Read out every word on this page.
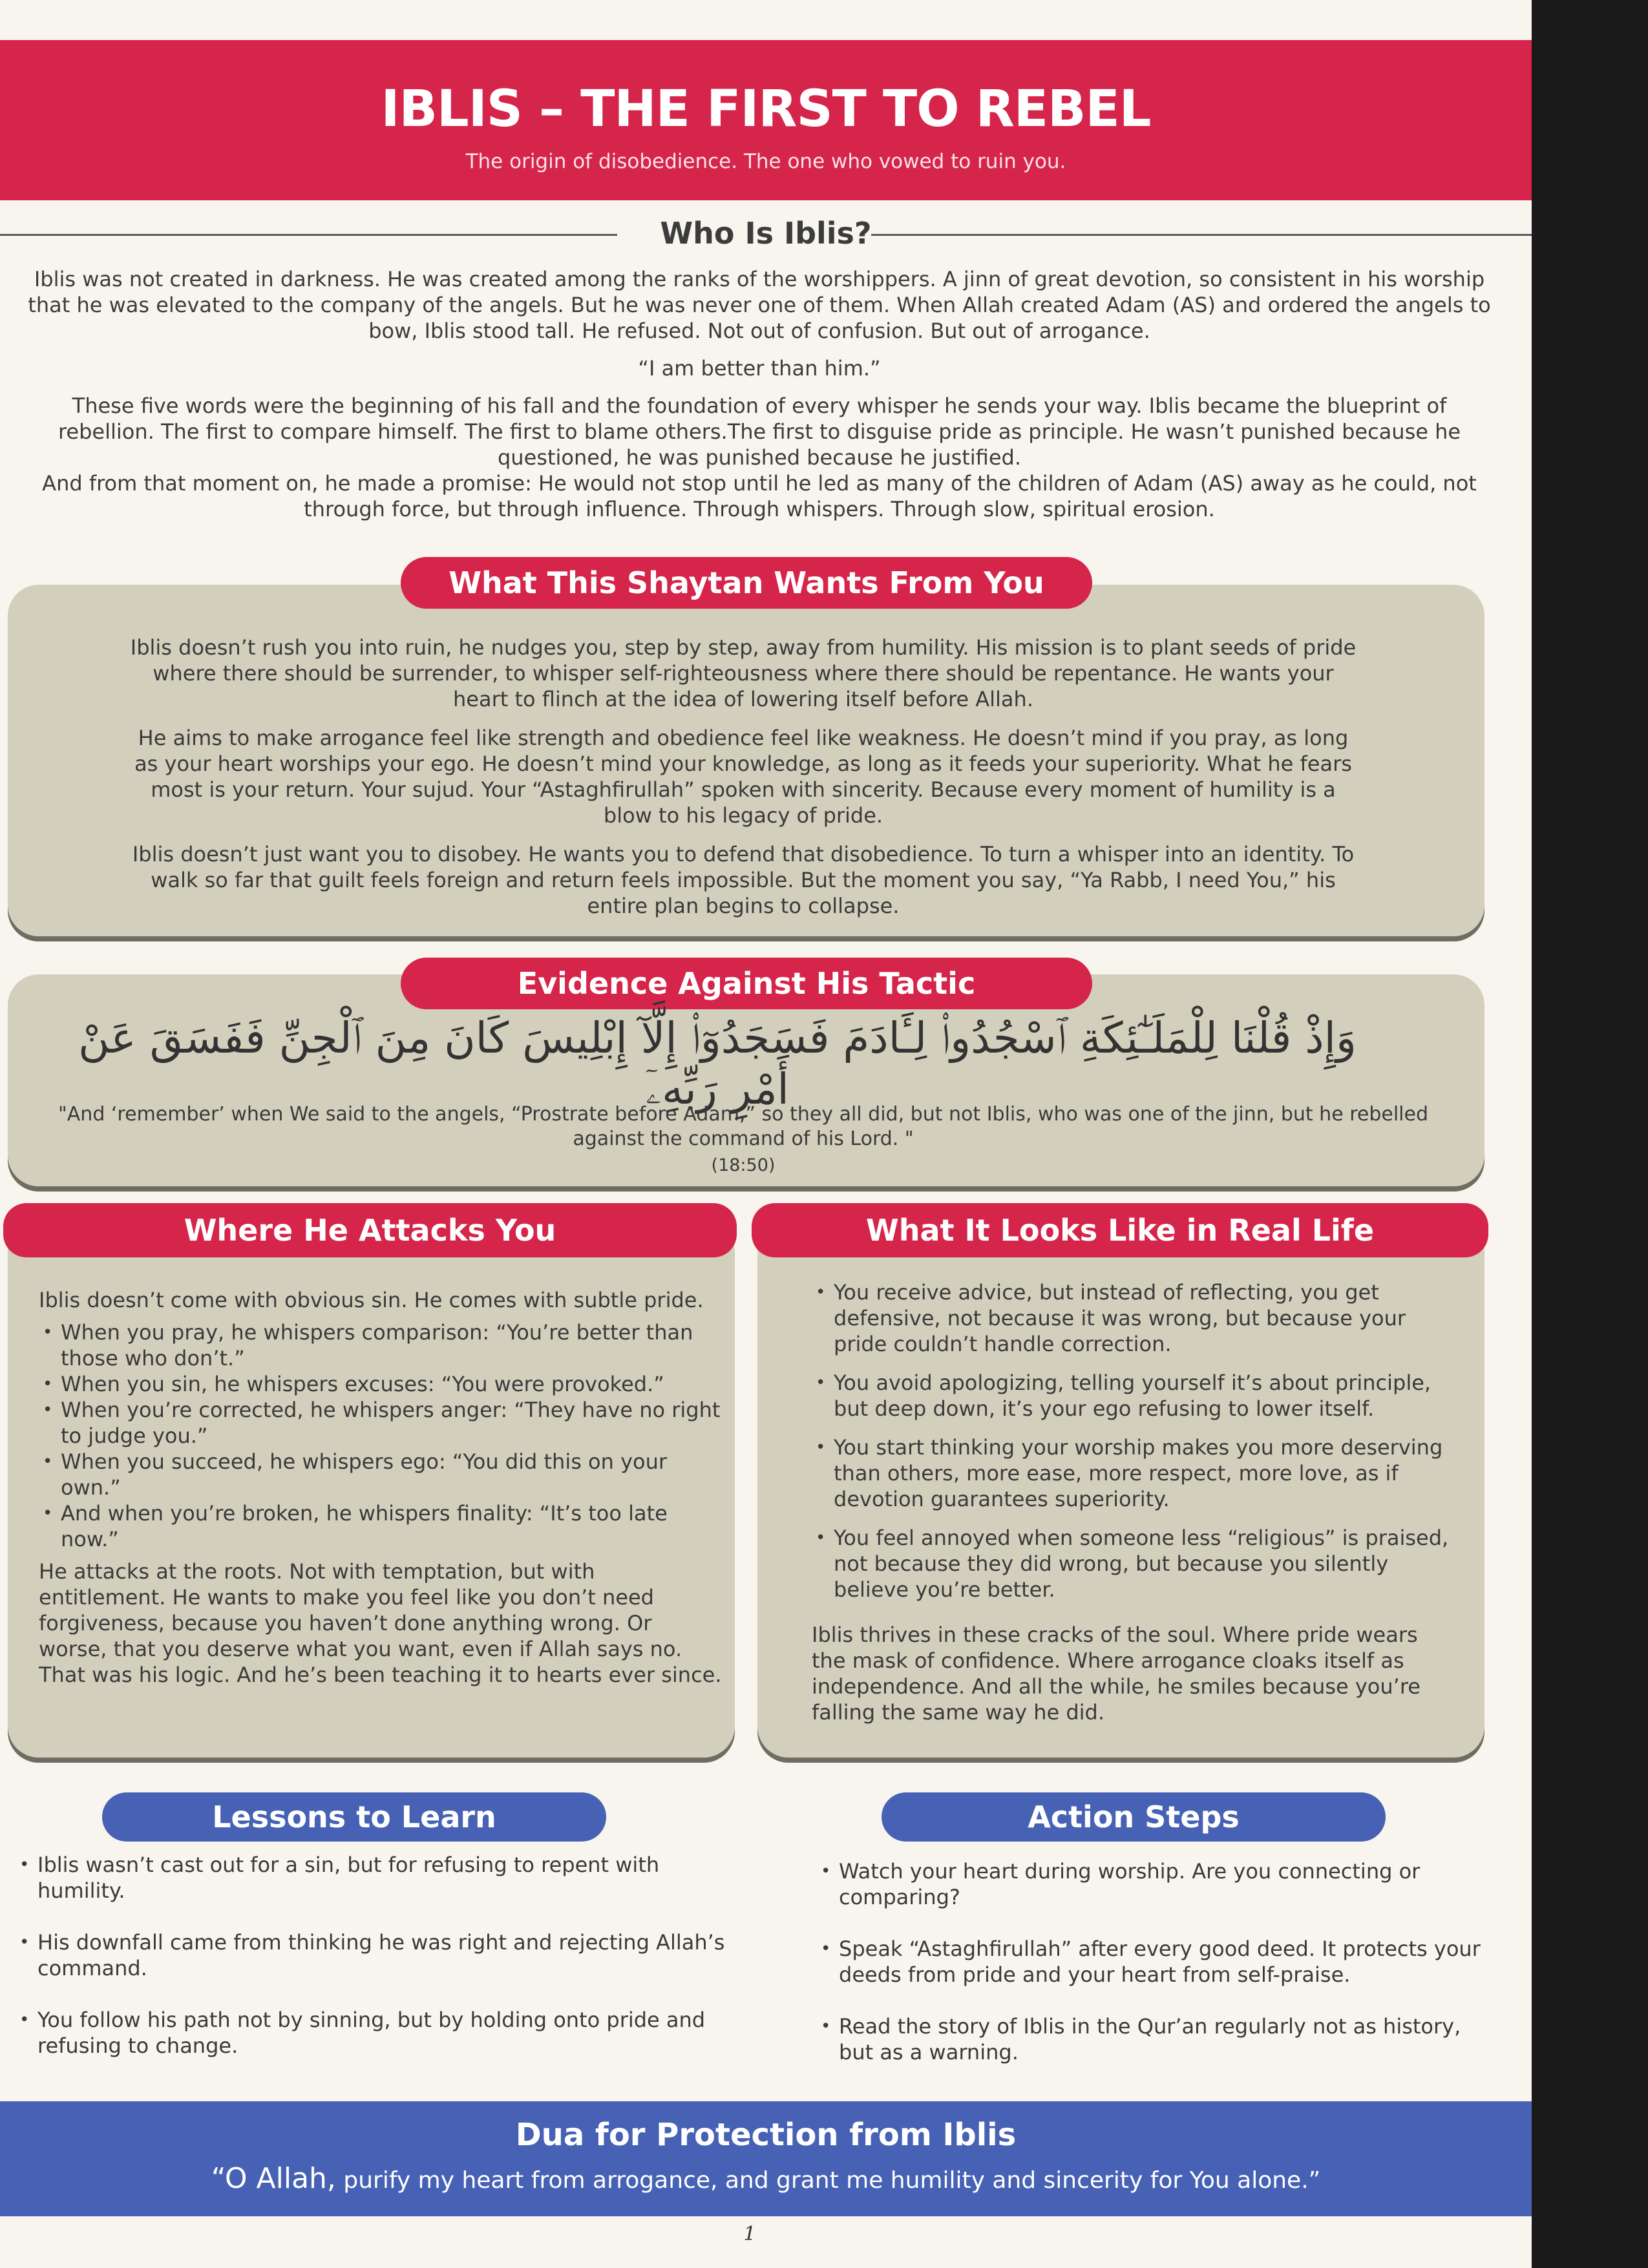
IBLIS – THE FIRST TO REBEL
The origin of disobedience. The one who vowed to ruin you.
Who Is Iblis?

Iblis was not created in darkness. He was created among the ranks of the worshippers. A jinn of great devotion, so consistent in his worship that he was elevated to the company of the angels. But he was never one of them. When Allah created Adam (AS) and ordered the angels to bow, Iblis stood tall. He refused. Not out of confusion. But out of arrogance.

“I am better than him.”

These five words were the beginning of his fall and the foundation of every whisper he sends your way. Iblis became the blueprint of rebellion. The first to compare himself. The first to blame others.The first to disguise pride as principle. He wasn’t punished because he questioned, he was punished because he justified.

And from that moment on, he made a promise: He would not stop until he led as many of the children of Adam (AS) away as he could, not through force, but through influence. Through whispers. Through slow, spiritual erosion.

What This Shaytan Wants From You

Iblis doesn’t rush you into ruin, he nudges you, step by step, away from humility. His mission is to plant seeds of pride where there should be surrender, to whisper self-righteousness where there should be repentance. He wants your heart to flinch at the idea of lowering itself before Allah.

He aims to make arrogance feel like strength and obedience feel like weakness. He doesn’t mind if you pray, as long as your heart worships your ego. He doesn’t mind your knowledge, as long as it feeds your superiority. What he fears most is your return. Your sujud. Your “Astaghfirullah” spoken with sincerity. Because every moment of humility is a blow to his legacy of pride.

Iblis doesn’t just want you to disobey. He wants you to defend that disobedience. To turn a whisper into an identity. To walk so far that guilt feels foreign and return feels impossible. But the moment you say, “Ya Rabb, I need You,” his entire plan begins to collapse.

Evidence Against His Tactic
وَإِذْ قُلْنَا لِلْمَلَـٰٓئِكَةِ ٱسْجُدُوا۟ لِـَٔادَمَ فَسَجَدُوٓا۟ إِلَّآ إِبْلِيسَ كَانَ مِنَ ٱلْجِنِّ فَفَسَقَ عَنْ أَمْرِ رَبِّهِۦٓ
"And ‘remember’ when We said to the angels, “Prostrate before Adam,” so they all did, but not Iblis, who was one of the jinn, but he rebelled against the command of his Lord. "
(18:50)
Where He Attacks You

Iblis doesn’t come with obvious sin. He comes with subtle pride.

• When you pray, he whispers comparison: “You’re better than those who don’t.”
• When you sin, he whispers excuses: “You were provoked.”
• When you’re corrected, he whispers anger: “They have no right to judge you.”
• When you succeed, he whispers ego: “You did this on your own.”
• And when you’re broken, he whispers finality: “It’s too late now.”

He attacks at the roots. Not with temptation, but with entitlement. He wants to make you feel like you don’t need forgiveness, because you haven’t done anything wrong. Or worse, that you deserve what you want, even if Allah says no. That was his logic. And he’s been teaching it to hearts ever since.

What It Looks Like in Real Life
• You receive advice, but instead of reflecting, you get defensive, not because it was wrong, but because your pride couldn’t handle correction.
• You avoid apologizing, telling yourself it’s about principle, but deep down, it’s your ego refusing to lower itself.
• You start thinking your worship makes you more deserving than others, more ease, more respect, more love, as if devotion guarantees superiority.
• You feel annoyed when someone less “religious” is praised, not because they did wrong, but because you silently believe you’re better.

Iblis thrives in these cracks of the soul. Where pride wears the mask of confidence. Where arrogance cloaks itself as independence. And all the while, he smiles because you’re falling the same way he did.

Lessons to Learn
• Iblis wasn’t cast out for a sin, but for refusing to repent with humility.
• His downfall came from thinking he was right and rejecting Allah’s command.
• You follow his path not by sinning, but by holding onto pride and refusing to change.
Action Steps
• Watch your heart during worship. Are you connecting or comparing?
• Speak “Astaghfirullah” after every good deed. It protects your deeds from pride and your heart from self-praise.
• Read the story of Iblis in the Qur’an regularly not as history, but as a warning.
Dua for Protection from Iblis
“O Allah, purify my heart from arrogance, and grant me humility and sincerity for You alone.”
1
